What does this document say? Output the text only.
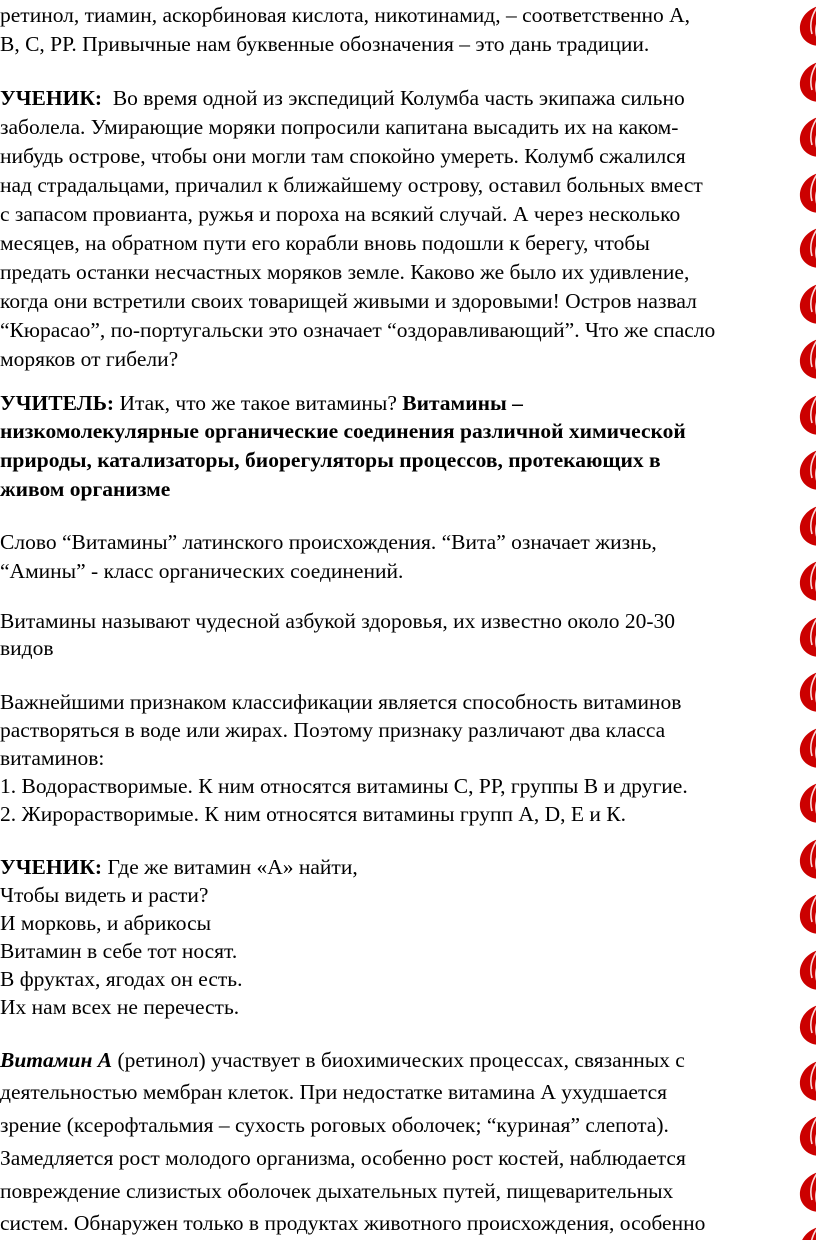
ретинол, тиамин, аскорбиновая кислота, никотинамид, – соответственно А,
В, С, РР. Привычные нам буквенные обозначения – это дань традиции.
УЧЕНИК:  Во время одной из экспедиций Колумба часть экипажа сильно
заболела. Умирающие моряки попросили капитана высадить их на каком-
нибудь острове, чтобы они могли там спокойно умереть. Колумб сжалился
над страдальцами, причалил к ближайшему острову, оставил больных вмест
с запасом провианта, ружья и пороха на всякий случай. А через несколько
месяцев, на обратном пути его корабли вновь подошли к берегу, чтобы
предать останки несчастных моряков земле. Каково же было их удивление,
когда они встретили своих товарищей живыми и здоровыми! Остров назвал
“Кюрасао”, по-португальски это означает “оздоравливающий”. Что же спасло
моряков от гибели?
УЧИТЕЛЬ: Итак, что же такое витамины? Витамины –
низкомолекулярные органические соединения различной химической
природы, катализаторы, биорегуляторы процессов, протекающих в
живом организме
Слово “Витамины” латинского происхождения. “Вита” означает жизнь,
“Амины” - класс органических соединений.
Витамины называют чудесной азбукой здоровья, их известно около 20-30
видов
Важнейшими признаком классификации является способность витаминов
растворяться в воде или жирах. Поэтому признаку различают два класса
витаминов:
1. Водорастворимые. К ним относятся витамины С, РР, группы В и другие.
2. Жирорастворимые. К ним относятся витамины групп А, D, Е и К.
УЧЕНИК: Где же витамин «А» найти,
Чтобы видеть и расти?
И морковь, и абрикосы
Витамин в себе тот носят.
В фруктах, ягодах он есть.
Их нам всех не перечесть.
Витамин А (ретинол) участвует в биохимических процессах, связанных с
деятельностью мембран клеток. При недостатке витамина А ухудшается
зрение (ксерофтальмия – сухость роговых оболочек; “куриная” слепота).
Замедляется рост молодого организма, особенно рост костей, наблюдается
повреждение слизистых оболочек дыхательных путей, пищеварительных
систем. Обнаружен только в продуктах животного происхождения, особенно
